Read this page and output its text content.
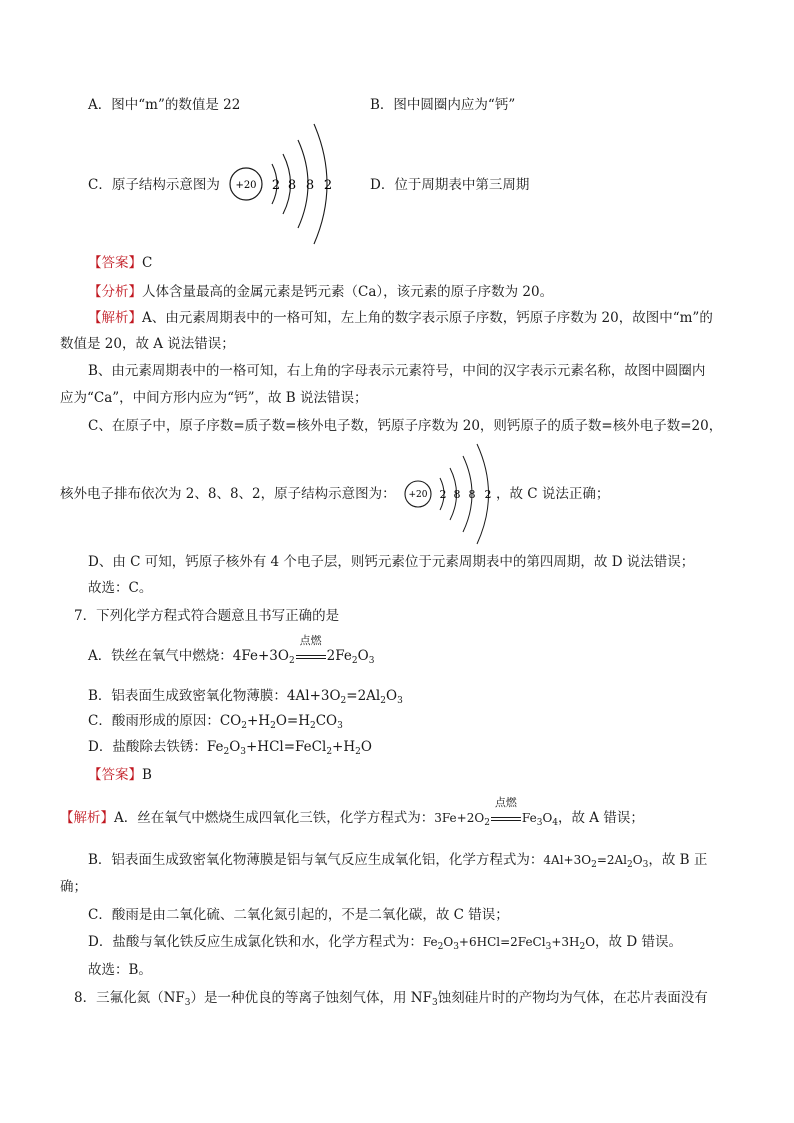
A．图中“m”的数值是 22	B．图中圆圈内应为“钙”
C．原子结构示意图为 +20 2 8 8 2	D．位于周期表中第三周期
【答案】C
【分析】人体含量最高的金属元素是钙元素（Ca），该元素的原子序数为 20。
【解析】A、由元素周期表中的一格可知，左上角的数字表示原子序数，钙原子序数为 20，故图中“m”的
数值是 20，故 A 说法错误；
B、由元素周期表中的一格可知，右上角的字母表示元素符号，中间的汉字表示元素名称，故图中圆圈内
应为“Ca”，中间方形内应为“钙”，故 B 说法错误；
C、在原子中，原子序数=质子数=核外电子数，钙原子序数为 20，则钙原子的质子数=核外电子数=20，
核外电子排布依次为 2、8、8、2，原子结构示意图为： +20 2 8 8 2 ，故 C 说法正确；
D、由 C 可知，钙原子核外有 4 个电子层，则钙元素位于元素周期表中的第四周期，故 D 说法错误；
故选：C。
7．下列化学方程式符合题意且书写正确的是
A．铁丝在氧气中燃烧：$4Fe+3O_2$
点燃
$2Fe_2O_3$
B．铝表面生成致密氧化物薄膜：$4Al+3O_2=2Al_2O_3$
C．酸雨形成的原因：$CO_2+H_2O=H_2CO_3$
D．盐酸除去铁锈：$Fe_2O_3+HCl=FeCl_2+H_2O$
【答案】B
【解析】A．丝在氧气中燃烧生成四氧化三铁，化学方程式为：$3Fe+2O_2$
点燃
$Fe_3O_4$，故 A 错误；
B．铝表面生成致密氧化物薄膜是铝与氧气反应生成氧化铝，化学方程式为：$4Al+3O_2=2Al_2O_3$，故 B 正
确；
C．酸雨是由二氧化硫、二氧化氮引起的，不是二氧化碳，故 C 错误；
D．盐酸与氧化铁反应生成氯化铁和水，化学方程式为：$Fe_2O_3+6HCl=2FeCl_3+3H_2O$，故 D 错误。
故选：B。
8．三氟化氮$(NF_3)$是一种优良的等离子蚀刻气体，用 $NF_3$蚀刻硅片时的产物均为气体，在芯片表面没有
